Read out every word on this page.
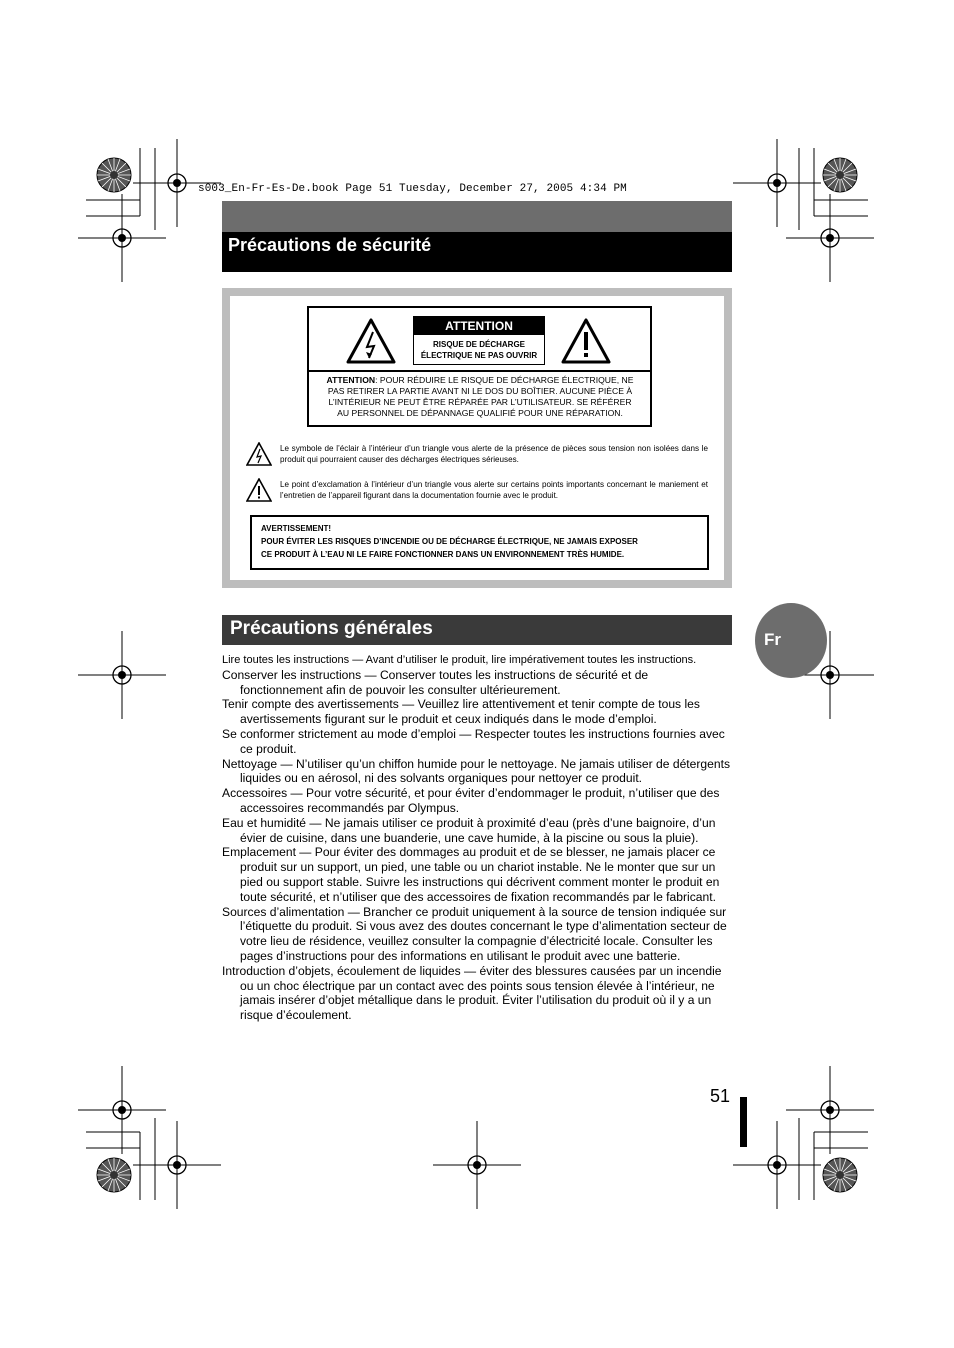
s003_En-Fr-Es-De.book Page 51 Tuesday, December 27, 2005 4:34 PM
Précautions de sécurité
ATTENTION
RISQUE DE DÉCHARGE
ÉLECTRIQUE NE PAS OUVRIR
ATTENTION: POUR RÉDUIRE LE RISQUE DE DÉCHARGE ÉLECTRIQUE, NE
PAS RETIRER LA PARTIE AVANT NI LE DOS DU BOÎTIER. AUCUNE PIÈCE À
L’INTÉRIEUR NE PEUT ÊTRE RÉPARÉE PAR L’UTILISATEUR. SE RÉFÉRER
AU PERSONNEL DE DÉPANNAGE QUALIFIÉ POUR UNE RÉPARATION.
Le symbole de l’éclair à l’intérieur d’un triangle vous alerte de la présence de pièces sous tension non isolées dans le produit qui pourraient causer des décharges électriques sérieuses.
Le point d’exclamation à l’intérieur d’un triangle vous alerte sur certains points importants concernant le maniement et l’entretien de l’appareil figurant dans la documentation fournie avec le produit.
AVERTISSEMENT!
POUR ÉVITER LES RISQUES D’INCENDIE OU DE DÉCHARGE ÉLECTRIQUE, NE JAMAIS EXPOSER
CE PRODUIT À L’EAU NI LE FAIRE FONCTIONNER DANS UN ENVIRONNEMENT TRÈS HUMIDE.
Précautions générales
Fr

Lire toutes les instructions — Avant d’utiliser le produit, lire impérativement toutes les instructions.

Conserver les instructions — Conserver toutes les instructions de sécurité et de fonctionnement afin de pouvoir les consulter ultérieurement.

Tenir compte des avertissements — Veuillez lire attentivement et tenir compte de tous les avertissements figurant sur le produit et ceux indiqués dans le mode d’emploi.

Se conformer strictement au mode d’emploi — Respecter toutes les instructions fournies avec ce produit.

Nettoyage — N’utiliser qu’un chiffon humide pour le nettoyage. Ne jamais utiliser de détergents liquides ou en aérosol, ni des solvants organiques pour nettoyer ce produit.

Accessoires — Pour votre sécurité, et pour éviter d’endommager le produit, n’utiliser que des accessoires recommandés par Olympus.

Eau et humidité — Ne jamais utiliser ce produit à proximité d’eau (près d’une baignoire, d’un évier de cuisine, dans une buanderie, une cave humide, à la piscine ou sous la pluie).

Emplacement — Pour éviter des dommages au produit et de se blesser, ne jamais placer ce produit sur un support, un pied, une table ou un chariot instable. Ne le monter que sur un pied ou support stable. Suivre les instructions qui décrivent comment monter le produit en toute sécurité, et n’utiliser que des accessoires de fixation recommandés par le fabricant.

Sources d’alimentation — Brancher ce produit uniquement à la source de tension indiquée sur l’étiquette du produit. Si vous avez des doutes concernant le type d’alimentation secteur de votre lieu de résidence, veuillez consulter la compagnie d’électricité locale. Consulter les pages d’instructions pour des informations en utilisant le produit avec une batterie.

Introduction d’objets, écoulement de liquides — éviter des blessures causées par un incendie ou un choc électrique par un contact avec des points sous tension élevée à l’intérieur, ne jamais insérer d’objet métallique dans le produit. Éviter l’utilisation du produit où il y a un risque d’écoulement.

51
